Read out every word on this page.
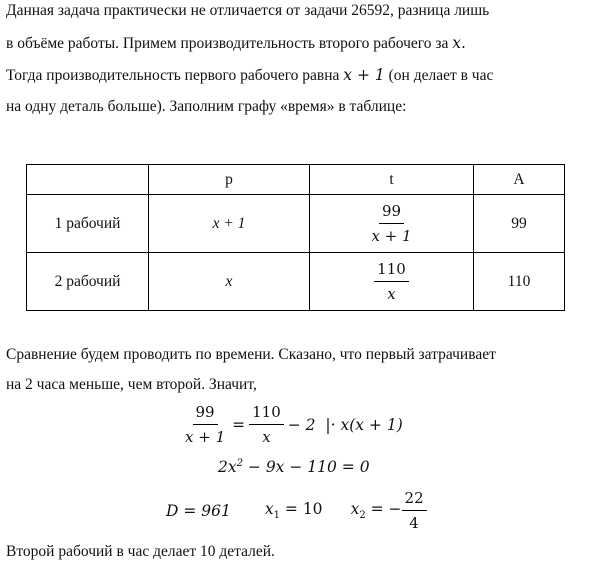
Данная задача практически не отличается от задачи 26592, разница лишь
в объёме работы. Примем производительность второго рабочего за x.
Тогда производительность первого рабочего равна x + 1 (он делает в час
на одну деталь больше). Заполним графу «время» в таблице:
	p	t	A
1 рабочий	x + 1	$\frac{99}{x + 1}$	99
2 рабочий	x	$\frac{110}{x}$	110
Сравнение будем проводить по времени. Сказано, что первый затрачивает
на 2 часа меньше, чем второй. Значит,
$\frac{99}{x + 1} = \frac{110}{x} - 2$  |· x(x + 1)
$2x^2 - 9x - 110 = 0$
D = 961 $x_1 = 10$ $x_2$ = − $\frac{22}{4}$
Второй рабочий в час делает 10 деталей.
